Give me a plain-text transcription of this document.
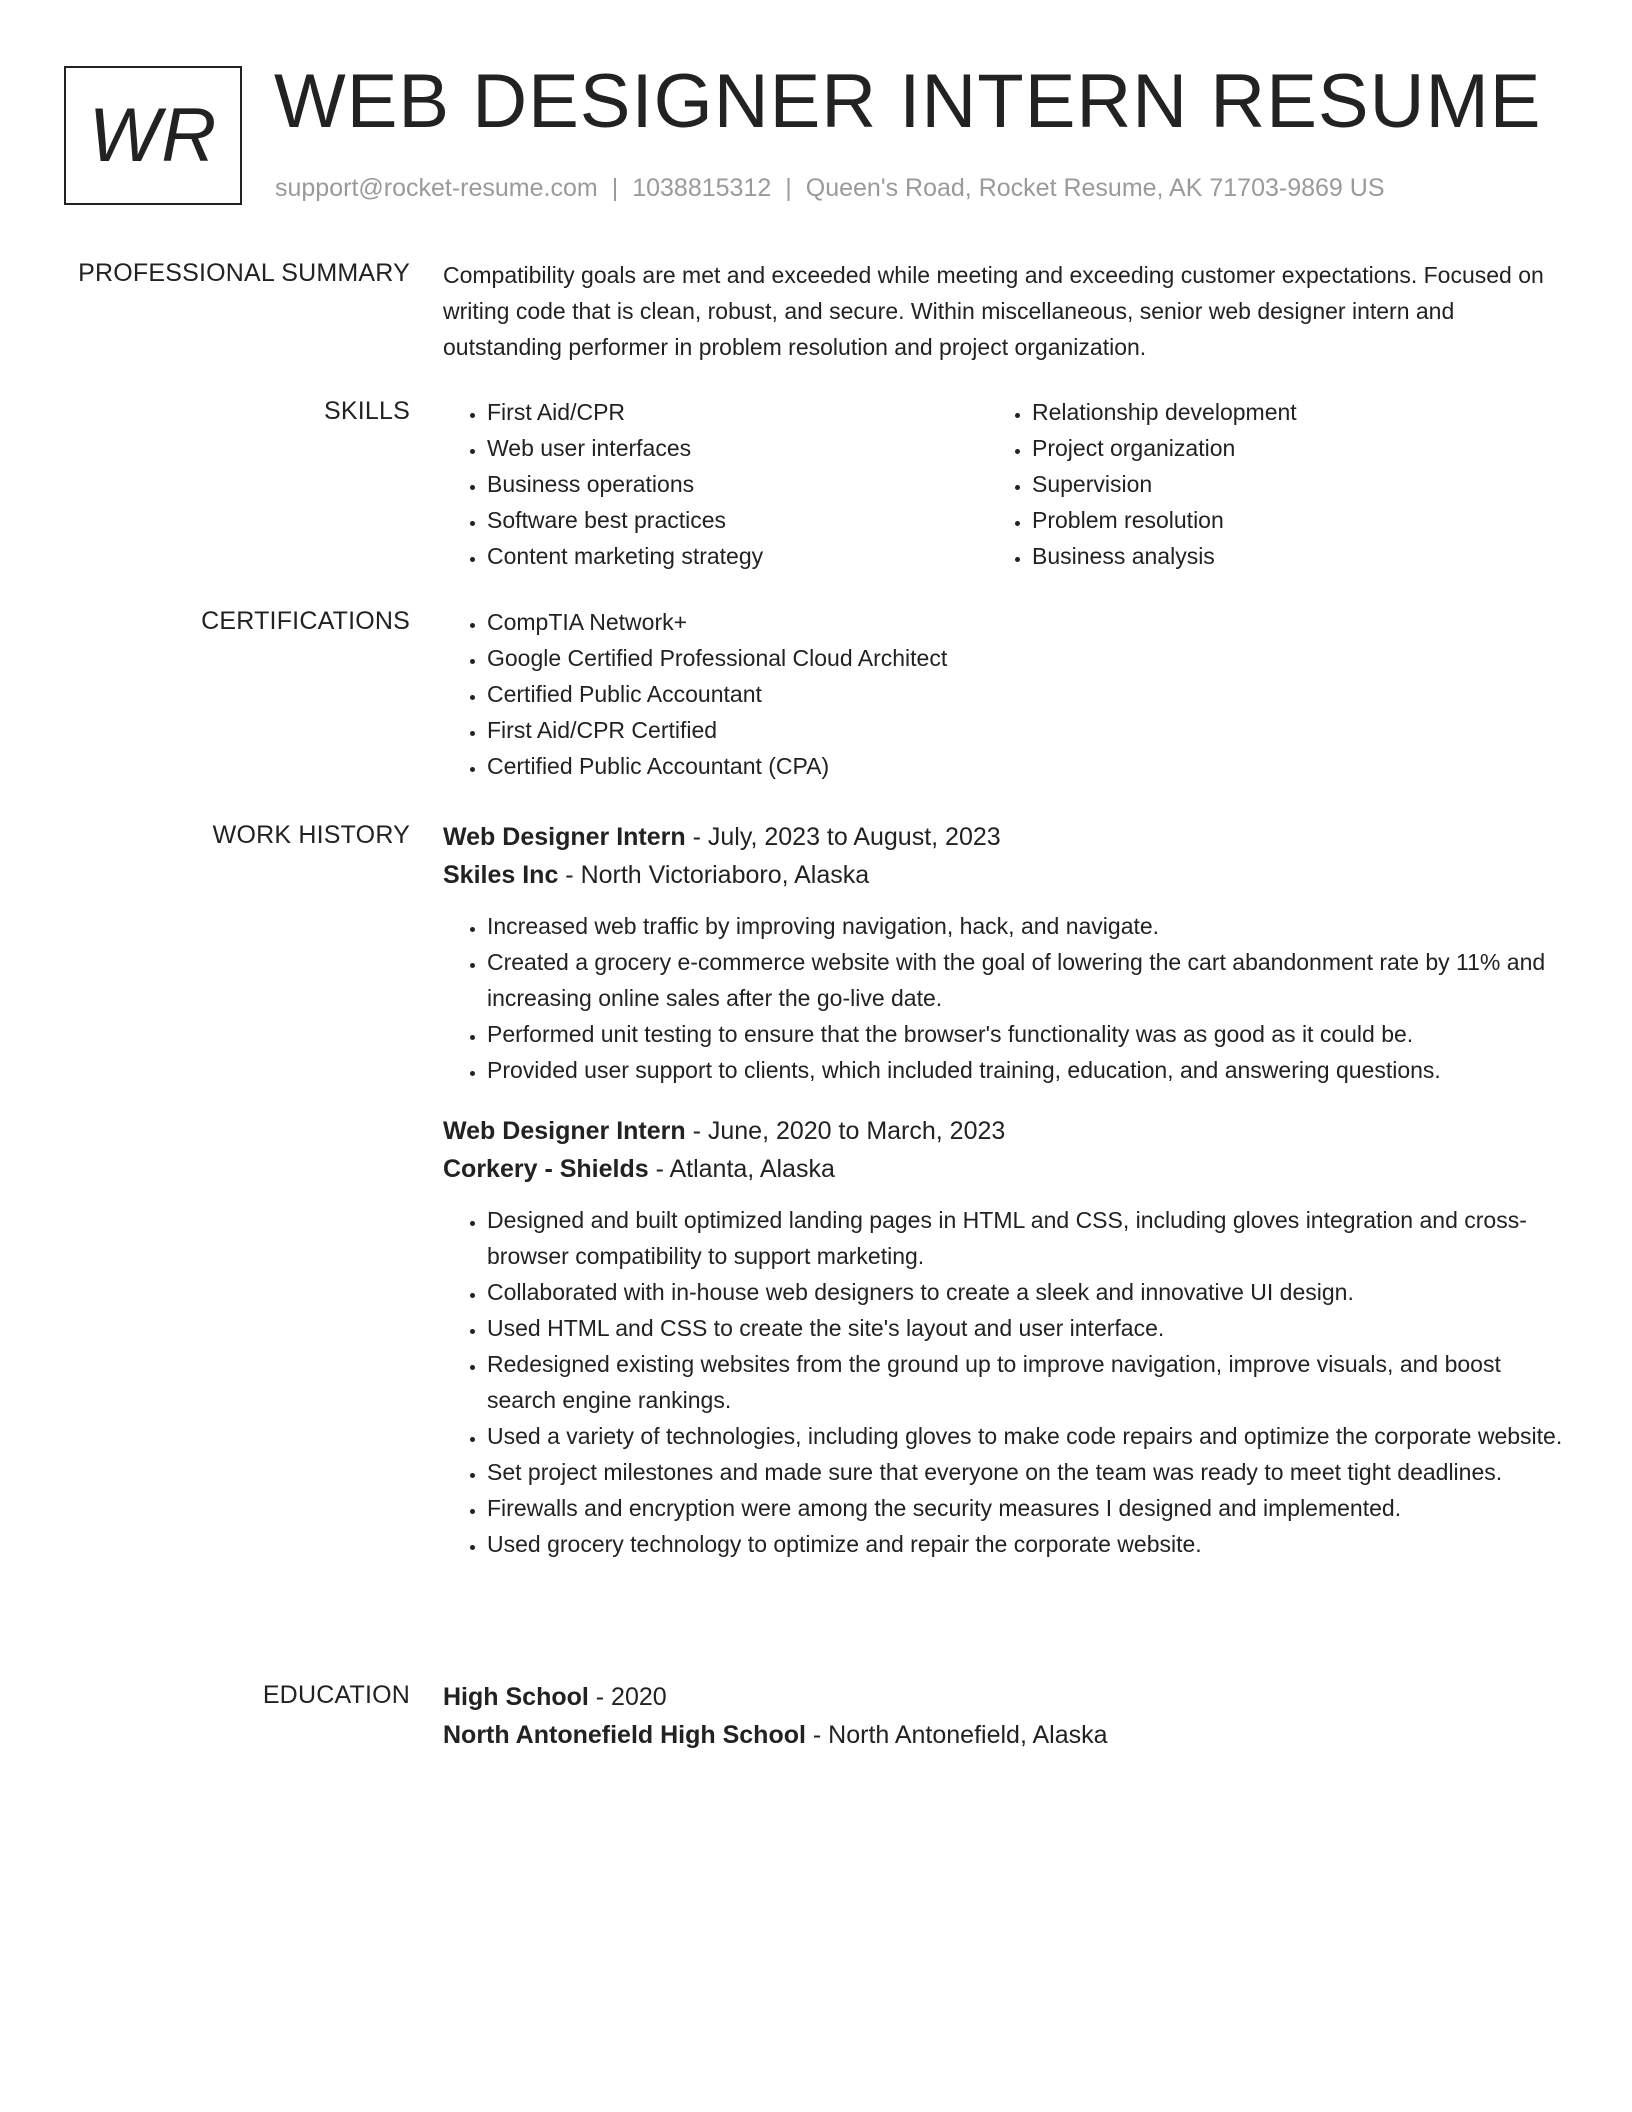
WR WEB DESIGNER INTERN RESUME
support@rocket-resume.com | 1038815312 | Queen's Road, Rocket Resume, AK 71703-9869 US
PROFESSIONAL SUMMARY Compatibility goals are met and exceeded while meeting and exceeding customer expectations. Focused on writing code that is clean, robust, and secure. Within miscellaneous, senior web designer intern and outstanding performer in problem resolution and project organization.

SKILLS	• First Aid/CPR
• Web user interfaces
• Business operations
• Software best practices
• Content marketing strategy
• Relationship development
• Project organization
• Supervision
• Problem resolution
• Business analysis
CERTIFICATIONS	• CompTIA Network+
• Google Certified Professional Cloud Architect
• Certified Public Accountant
• First Aid/CPR Certified
• Certified Public Accountant (CPA)
WORK HISTORY Web Designer Intern - July, 2023 to August, 2023
Skiles Inc - North Victoriaboro, Alaska
• Increased web traffic by improving navigation, hack, and navigate.
• Created a grocery e-commerce website with the goal of lowering the cart abandonment rate by 11% and increasing online sales after the go-live date.
• Performed unit testing to ensure that the browser's functionality was as good as it could be.
• Provided user support to clients, which included training, education, and answering questions.
Web Designer Intern - June, 2020 to March, 2023
Corkery - Shields - Atlanta, Alaska
• Designed and built optimized landing pages in HTML and CSS, including gloves integration and cross-browser compatibility to support marketing.
• Collaborated with in-house web designers to create a sleek and innovative UI design.
• Used HTML and CSS to create the site's layout and user interface.
• Redesigned existing websites from the ground up to improve navigation, improve visuals, and boost search engine rankings.
• Used a variety of technologies, including gloves to make code repairs and optimize the corporate website.
• Set project milestones and made sure that everyone on the team was ready to meet tight deadlines.
• Firewalls and encryption were among the security measures I designed and implemented.
• Used grocery technology to optimize and repair the corporate website.
EDUCATION High School - 2020
North Antonefield High School - North Antonefield, Alaska
